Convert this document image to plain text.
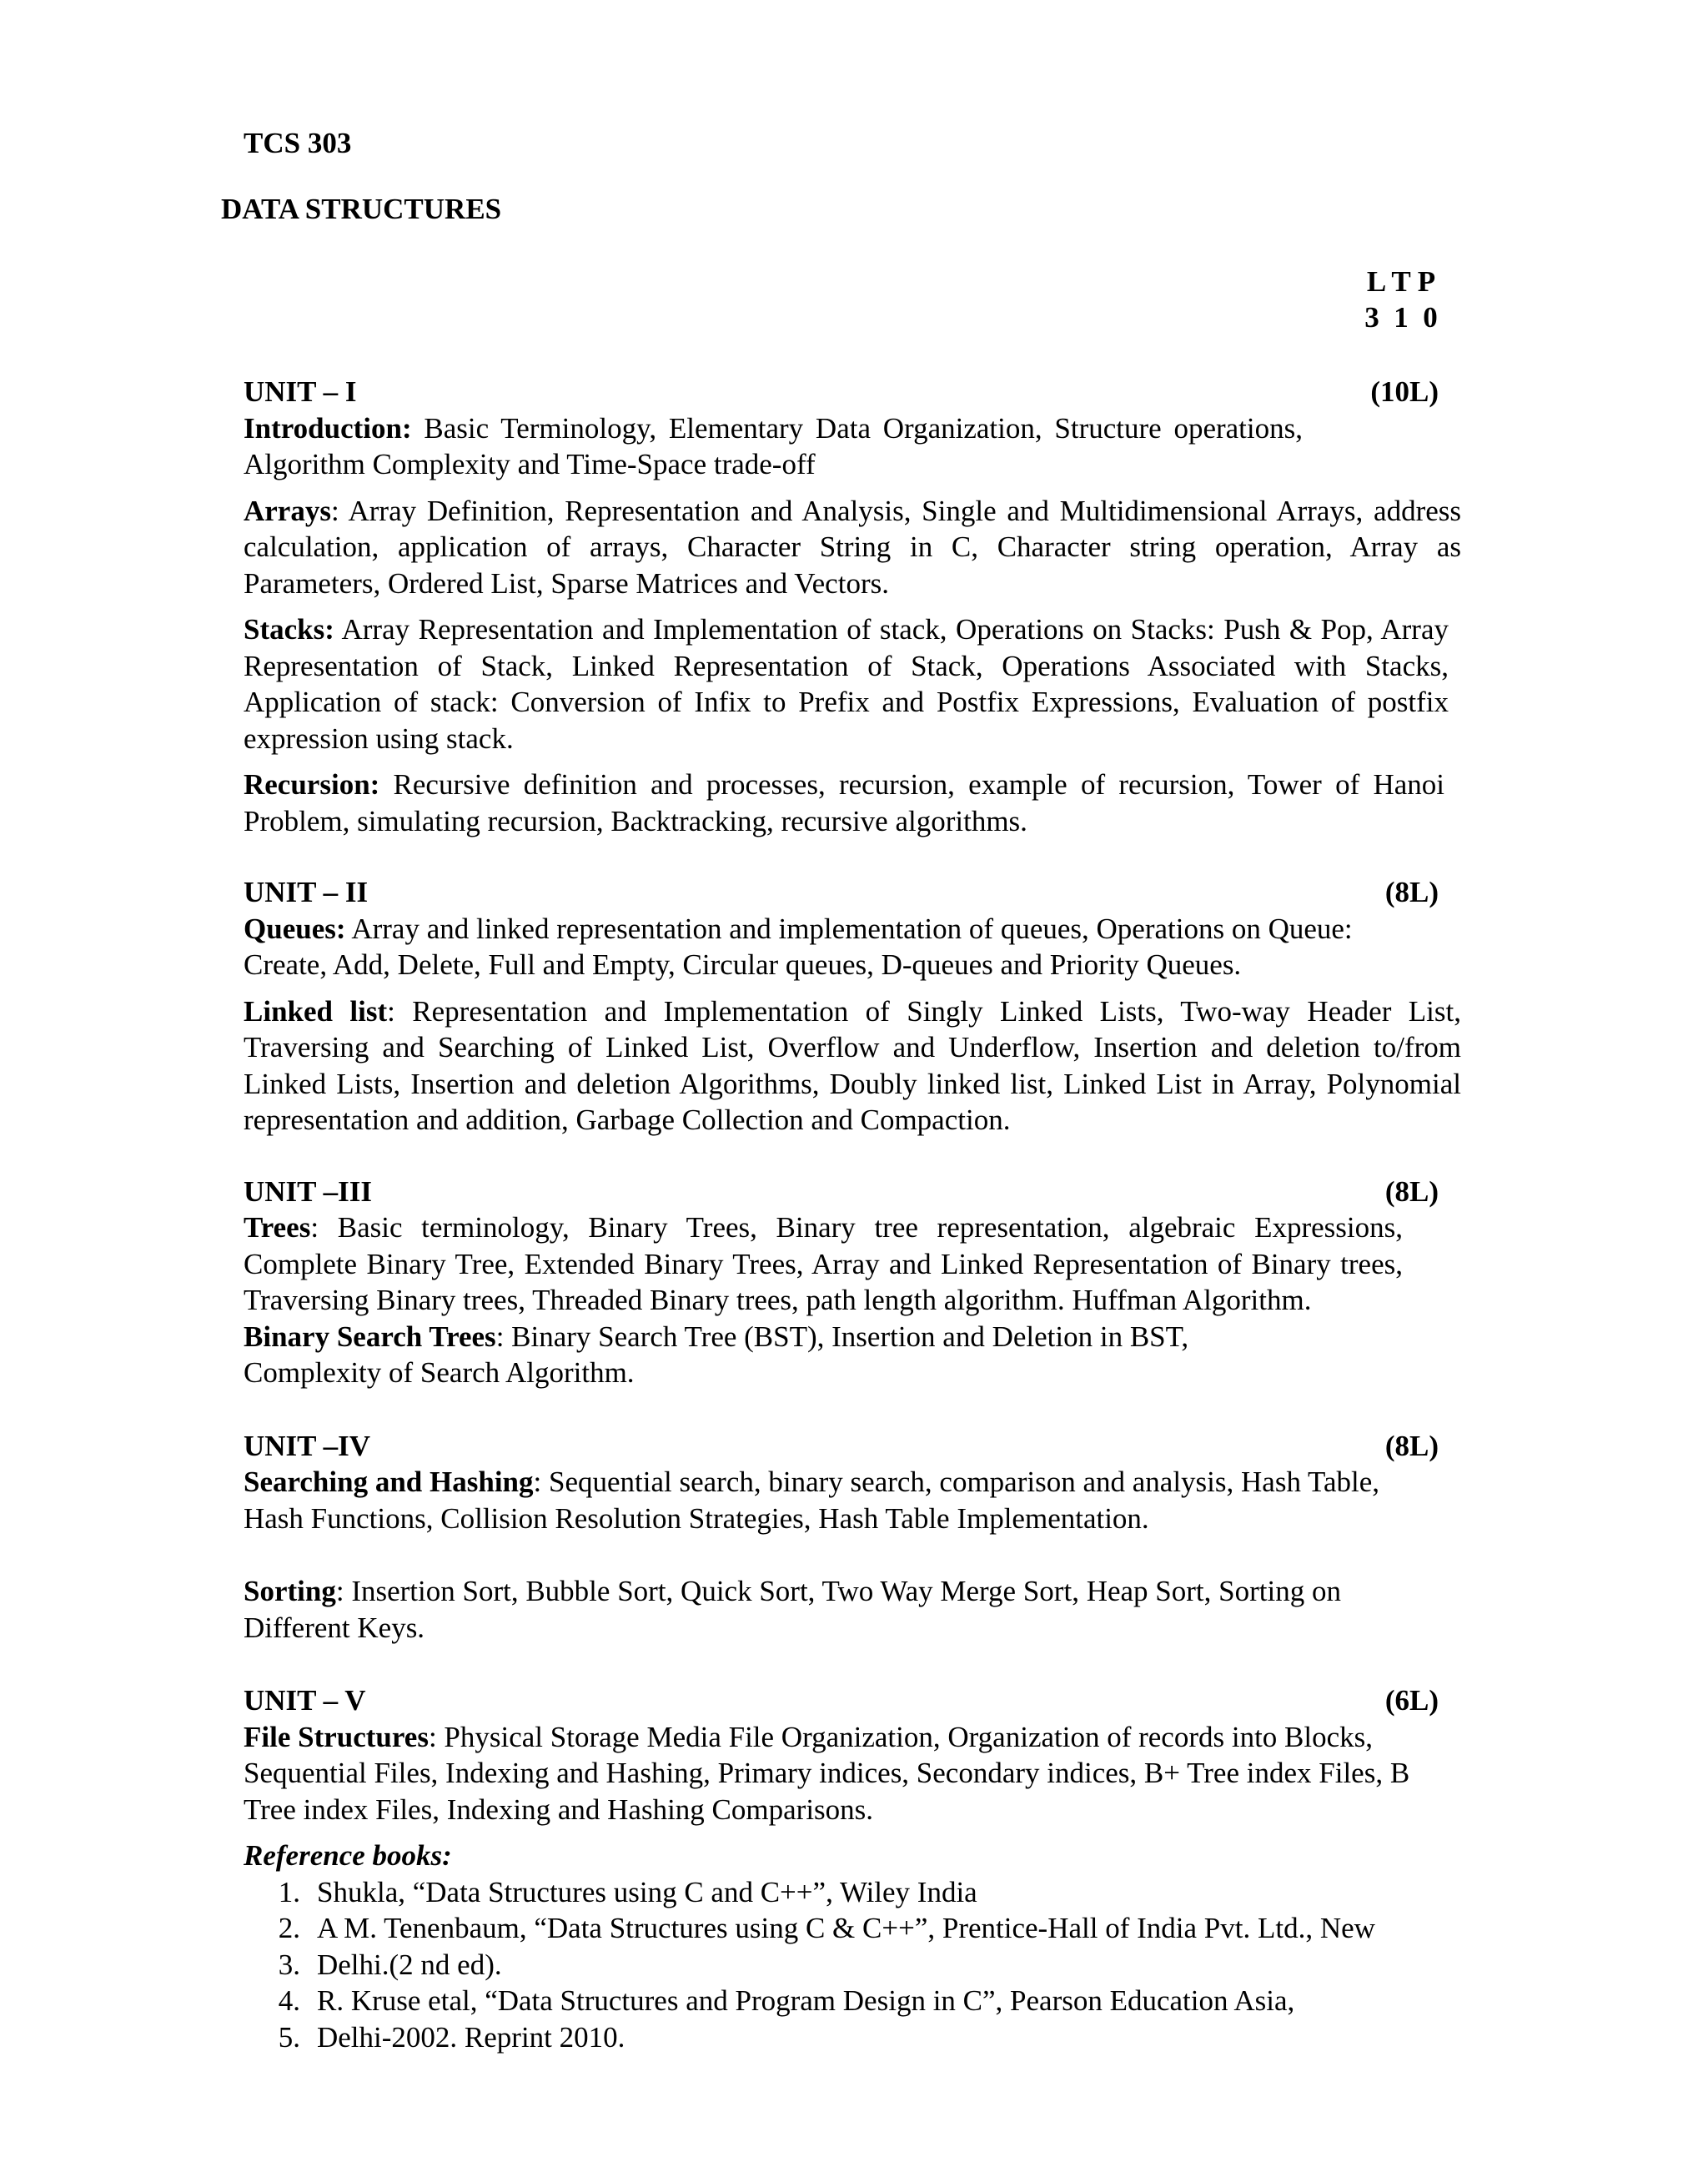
TCS 303
DATA STRUCTURES
L T P
3  1  0
UNIT – I	(10L)

Introduction: Basic Terminology, Elementary Data Organization, Structure operations, Algorithm Complexity and Time-Space trade-off

Arrays: Array Definition, Representation and Analysis, Single and Multidimensional Arrays, address calculation, application of arrays, Character String in C, Character string operation, Array as Parameters, Ordered List, Sparse Matrices and Vectors.

Stacks: Array Representation and Implementation of stack, Operations on Stacks: Push & Pop, Array Representation of Stack, Linked Representation of Stack, Operations Associated with Stacks, Application of stack: Conversion of Infix to Prefix and Postfix Expressions, Evaluation of postfix expression using stack.

Recursion: Recursive definition and processes, recursion, example of recursion, Tower of Hanoi Problem, simulating recursion, Backtracking, recursive algorithms.

UNIT – II	(8L)

Queues: Array and linked representation and implementation of queues, Operations on Queue: Create, Add, Delete, Full and Empty, Circular queues, D-queues and Priority Queues.

Linked list: Representation and Implementation of Singly Linked Lists, Two-way Header List, Traversing and Searching of Linked List, Overflow and Underflow, Insertion and deletion to/from Linked Lists, Insertion and deletion Algorithms, Doubly linked list, Linked List in Array, Polynomial representation and addition, Garbage Collection and Compaction.

UNIT –III	(8L)

Trees: Basic terminology, Binary Trees, Binary tree representation, algebraic Expressions, Complete Binary Tree, Extended Binary Trees, Array and Linked Representation of Binary trees, Traversing Binary trees, Threaded Binary trees, path length algorithm. Huffman Algorithm.

Binary Search Trees: Binary Search Tree (BST), Insertion and Deletion in BST, Complexity of Search Algorithm.

UNIT –IV	(8L)

Searching and Hashing: Sequential search, binary search, comparison and analysis, Hash Table, Hash Functions, Collision Resolution Strategies, Hash Table Implementation.

Sorting: Insertion Sort, Bubble Sort, Quick Sort, Two Way Merge Sort, Heap Sort, Sorting on Different Keys.

UNIT – V	(6L)

File Structures: Physical Storage Media File Organization, Organization of records into Blocks, Sequential Files, Indexing and Hashing, Primary indices, Secondary indices, B+ Tree index Files, B Tree index Files, Indexing and Hashing Comparisons.

Reference books:
1. Shukla, “Data Structures using C and C++”, Wiley India
2. A M. Tenenbaum, “Data Structures using C & C++”, Prentice-Hall of India Pvt. Ltd., New
3. Delhi.(2 nd ed).
4. R. Kruse etal, “Data Structures and Program Design in C”, Pearson Education Asia,
5. Delhi-2002. Reprint 2010.
